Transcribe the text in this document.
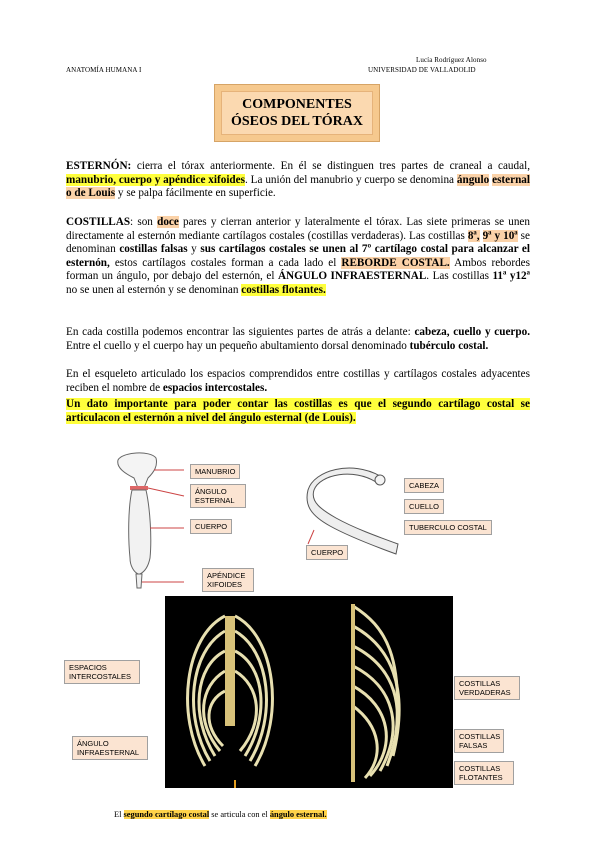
Lucía Rodríguez Alonso
ANATOMÍA HUMANA I	UNIVERSIDAD DE VALLADOLID
COMPONENTES
ÓSEOS DEL TÓRAX
ESTERNÓN: cierra el tórax anteriormente. En él se distinguen tres partes de craneal a caudal, manubrio, cuerpo y apéndice xifoides. La unión del manubrio y cuerpo se denomina ángulo esternal o de Louis y se palpa fácilmente en superficie.
COSTILLAS: son doce pares y cierran anterior y lateralmente el tórax. Las siete primeras se unen directamente al esternón mediante cartílagos costales (costillas verdaderas). Las costillas 8ª, 9ª y 10ª se denominan costillas falsas y sus cartílagos costales se unen al 7º cartílago costal para alcanzar el esternón, estos cartílagos costales forman a cada lado el REBORDE COSTAL. Ambos rebordes forman un ángulo, por debajo del esternón, el ÁNGULO INFRAESTERNAL. Las costillas 11ª y12ª no se unen al esternón y se denominan costillas flotantes.
En cada costilla podemos encontrar las siguientes partes de atrás a delante: cabeza, cuello y cuerpo. Entre el cuello y el cuerpo hay un pequeño abultamiento dorsal denominado tubérculo costal.
En el esqueleto articulado los espacios comprendidos entre costillas y cartílagos costales adyacentes reciben el nombre de espacios intercostales.
Un dato importante para poder contar las costillas es que el segundo cartílago costal se articulacon el esternón a nivel del ángulo esternal (de Louis).
MANUBRIO
ÁNGULO ESTERNAL
CUERPO
APÉNDICE XIFOIDES
CABEZA
CUELLO
TUBERCULO COSTAL
CUERPO
ESPACIOS INTERCOSTALES
ÁNGULO INFRAESTERNAL
COSTILLAS VERDADERAS
COSTILLAS FALSAS
COSTILLAS FLOTANTES
El segundo cartílago costal se articula con el ángulo esternal.
